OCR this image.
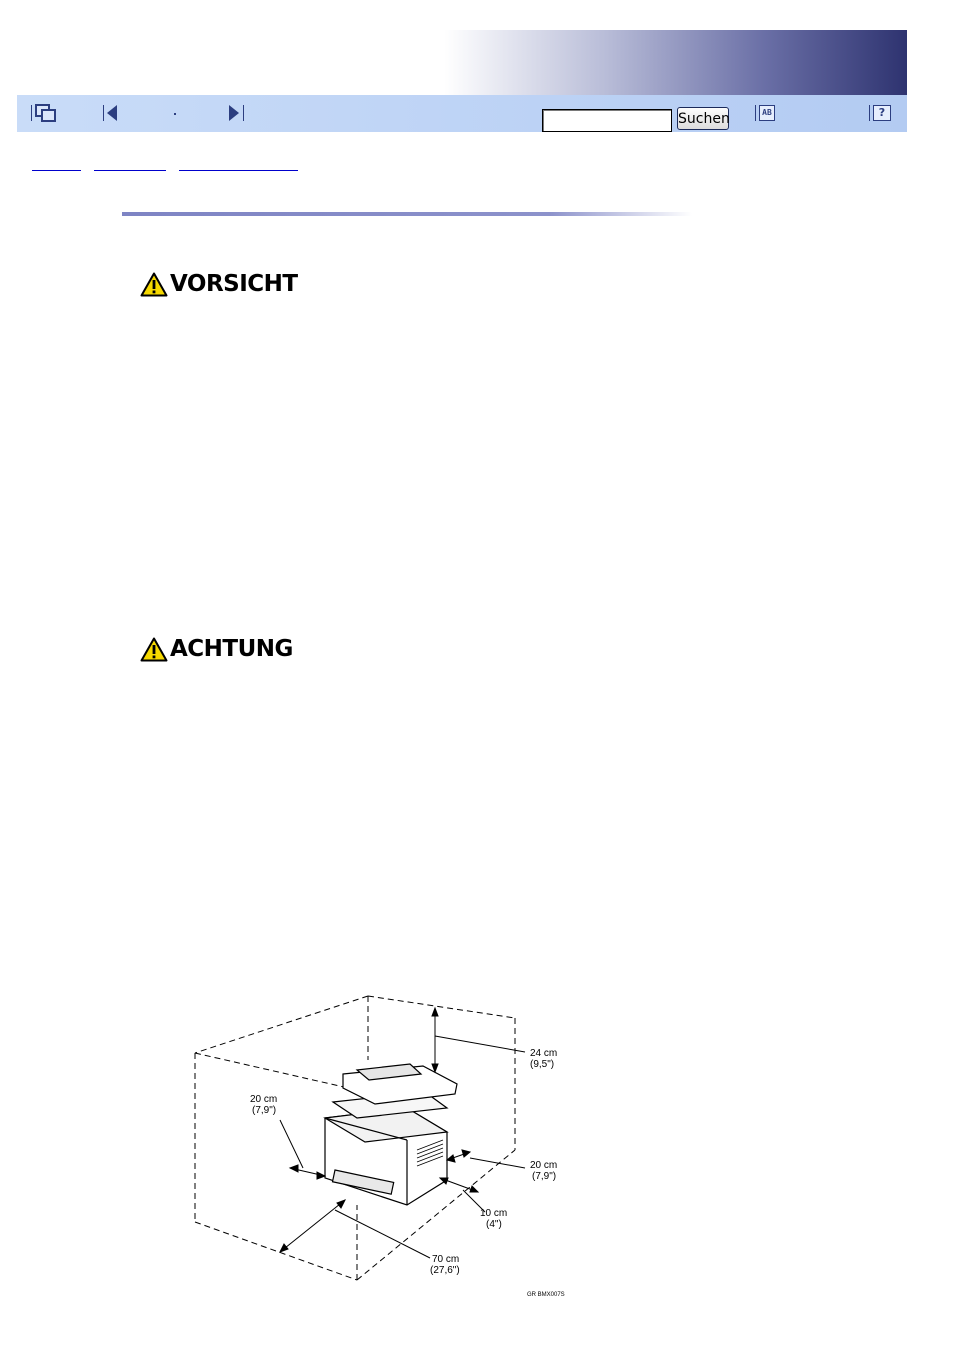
Suchen	AB	?
VORSICHT
ACHTUNG
24 cm
(9,5")
20 cm
(7,9")
20 cm
(7,9")
10 cm
(4")
70 cm
(27,6")
GR BMX007S
